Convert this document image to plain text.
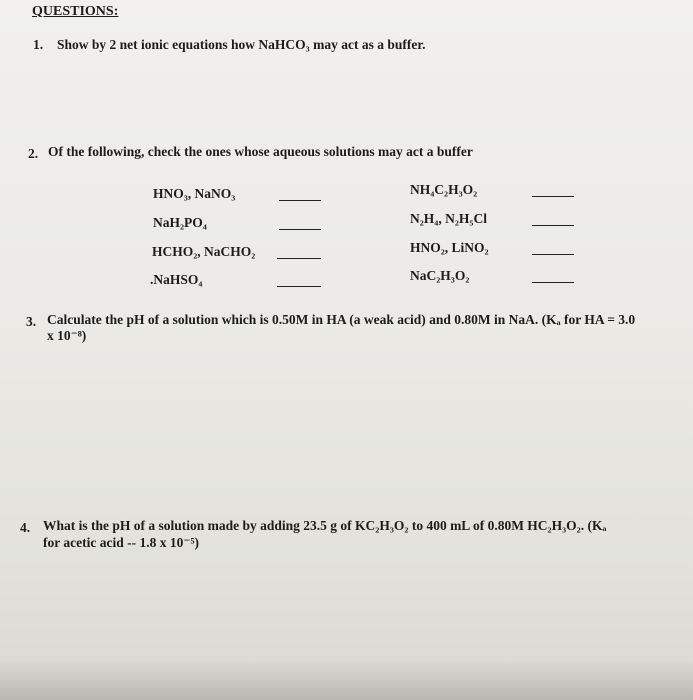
QUESTIONS:
1. Show by 2 net ionic equations how NaHCO₃ may act as a buffer.
2. Of the following, check the ones whose aqueous solutions may act a buffer
HNO₃, NaNO₃
NaH₂PO₄
HCHO₂, NaCHO₂
.NaHSO₄
NH₄C₂H₃O₂
N₂H₄, N₂H₅Cl
HNO₂, LiNO₂
NaC₂H₃O₂
3. Calculate the pH of a solution which is 0.50M in HA (a weak acid) and 0.80M in NaA. (Kₐ for HA = 3.0
x 10⁻⁸)
4. What is the pH of a solution made by adding 23.5 g of KC₂H₃O₂ to 400 mL of 0.80M HC₂H₃O₂. (Kₐ
for acetic acid -- 1.8 x 10⁻⁵)
